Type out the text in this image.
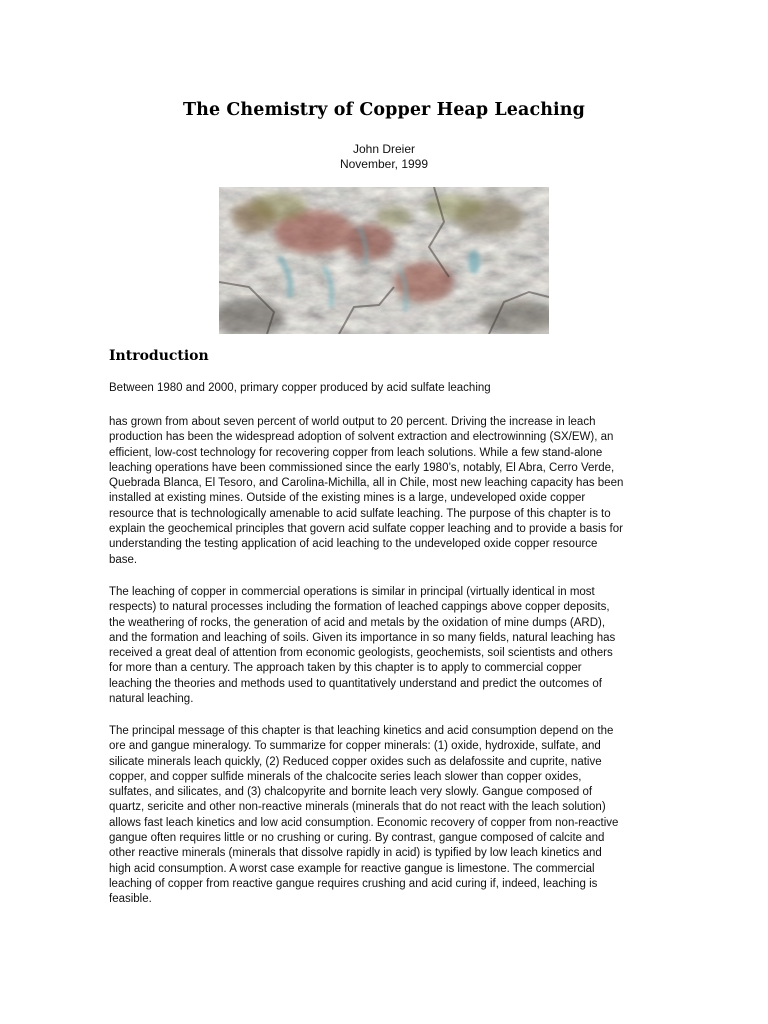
The Chemistry of Copper Heap Leaching
John Dreier
November, 1999
Introduction
Between 1980 and 2000, primary copper produced by acid sulfate leaching
has grown from about seven percent of world output to 20 percent. Driving the increase in leach
production has been the widespread adoption of solvent extraction and electrowinning (SX/EW), an
efficient, low-cost technology for recovering copper from leach solutions. While a few stand-alone
leaching operations have been commissioned since the early 1980’s, notably, El Abra, Cerro Verde,
Quebrada Blanca, El Tesoro, and Carolina-Michilla, all in Chile, most new leaching capacity has been
installed at existing mines. Outside of the existing mines is a large, undeveloped oxide copper
resource that is technologically amenable to acid sulfate leaching. The purpose of this chapter is to
explain the geochemical principles that govern acid sulfate copper leaching and to provide a basis for
understanding the testing application of acid leaching to the undeveloped oxide copper resource
base.
The leaching of copper in commercial operations is similar in principal (virtually identical in most
respects) to natural processes including the formation of leached cappings above copper deposits,
the weathering of rocks, the generation of acid and metals by the oxidation of mine dumps (ARD),
and the formation and leaching of soils. Given its importance in so many fields, natural leaching has
received a great deal of attention from economic geologists, geochemists, soil scientists and others
for more than a century. The approach taken by this chapter is to apply to commercial copper
leaching the theories and methods used to quantitatively understand and predict the outcomes of
natural leaching.
The principal message of this chapter is that leaching kinetics and acid consumption depend on the
ore and gangue mineralogy. To summarize for copper minerals: (1) oxide, hydroxide, sulfate, and
silicate minerals leach quickly, (2) Reduced copper oxides such as delafossite and cuprite, native
copper, and copper sulfide minerals of the chalcocite series leach slower than copper oxides,
sulfates, and silicates, and (3) chalcopyrite and bornite leach very slowly. Gangue composed of
quartz, sericite and other non-reactive minerals (minerals that do not react with the leach solution)
allows fast leach kinetics and low acid consumption. Economic recovery of copper from non-reactive
gangue often requires little or no crushing or curing. By contrast, gangue composed of calcite and
other reactive minerals (minerals that dissolve rapidly in acid) is typified by low leach kinetics and
high acid consumption. A worst case example for reactive gangue is limestone. The commercial
leaching of copper from reactive gangue requires crushing and acid curing if, indeed, leaching is
feasible.
